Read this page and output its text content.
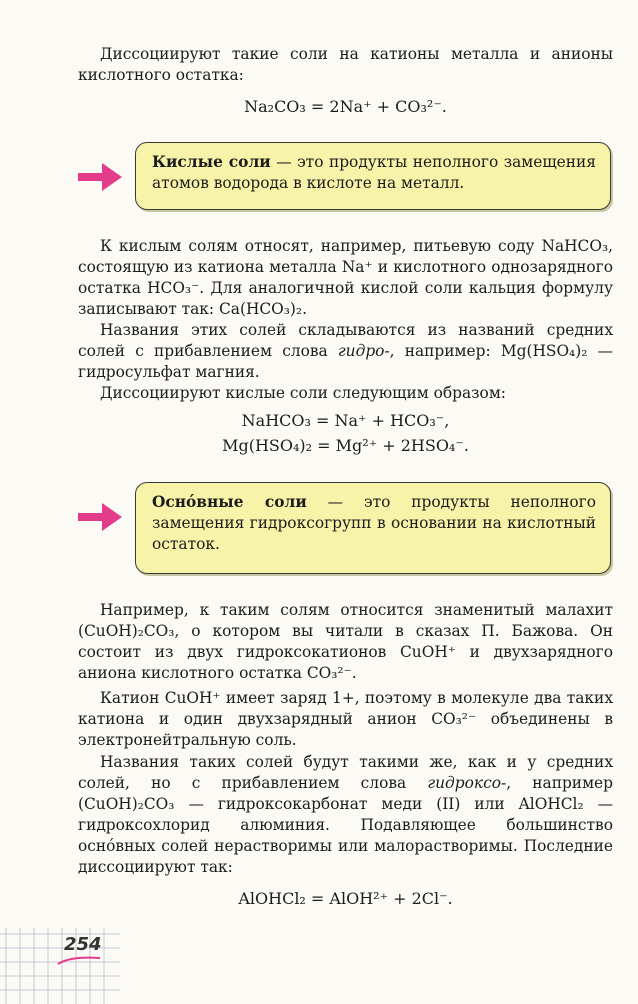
Диссоциируют такие соли на катионы металла и анионы кислотного остатка:

Na₂CO₃ = 2Na⁺ + CO₃²⁻.
Кислые соли — это продукты неполного замещения атомов водорода в кислоте на металл.

К кислым солям относят, например, питьевую соду NaHCO₃, состоящую из катиона металла Na⁺ и кислотного однозарядного остатка HCO₃⁻. Для аналогичной кислой соли кальция формулу записывают так: Ca(HCO₃)₂.

Названия этих солей складываются из названий средних солей с прибавлением слова гидро-, например: Mg(HSO₄)₂ — гидросульфат магния.

Диссоциируют кислые соли следующим образом:

NaHCO₃ = Na⁺ + HCO₃⁻,
Mg(HSO₄)₂ = Mg²⁺ + 2HSO₄⁻.
Оснóвные соли — это продукты неполного замещения гидроксогрупп в основании на кислотный остаток.

Например, к таким солям относится знаменитый малахит (CuOH)₂CO₃, о котором вы читали в сказах П. Бажова. Он состоит из двух гидроксокатионов CuOH⁺ и двухзарядного аниона кислотного остатка CO₃²⁻.

Катион CuOH⁺ имеет заряд 1+, поэтому в молекуле два таких катиона и один двухзарядный анион CO₃²⁻ объединены в электронейтральную соль.

Названия таких солей будут такими же, как и у средних солей, но с прибавлением слова гидроксо-, например (CuOH)₂CO₃ — гидроксокарбонат меди (II) или AlOHCl₂ — гидроксохлорид алюминия. Подавляющее большинство оснóвных солей нерастворимы или малорастворимы. Последние диссоциируют так:

AlOHCl₂ = AlOH²⁺ + 2Cl⁻.
254
